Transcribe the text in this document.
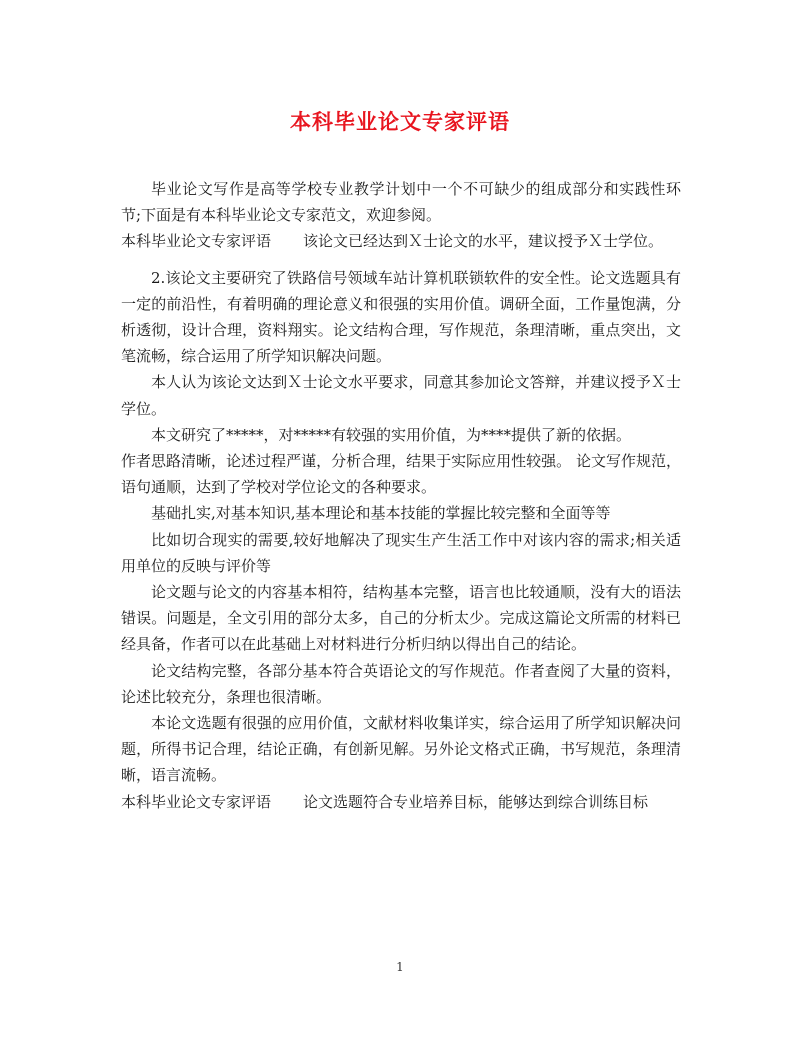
本科毕业论文专家评语

毕业论文写作是高等学校专业教学计划中一个不可缺少的组成部分和实践性环节;下面是有本科毕业论文专家范文，欢迎参阅。

本科毕业论文专家评语 该论文已经达到Ｘ士论文的水平，建议授予Ｘ士学位。

2.该论文主要研究了铁路信号领域车站计算机联锁软件的安全性。论文选题具有一定的前沿性，有着明确的理论意义和很强的实用价值。调研全面，工作量饱满，分析透彻，设计合理，资料翔实。论文结构合理，写作规范，条理清晰，重点突出，文笔流畅，综合运用了所学知识解决问题。

本人认为该论文达到Ｘ士论文水平要求，同意其参加论文答辩，并建议授予Ｘ士学位。

本文研究了*****，对*****有较强的实用价值，为****提供了新的依据。

作者思路清晰，论述过程严谨，分析合理，结果于实际应用性较强。 论文写作规范，语句通顺，达到了学校对学位论文的各种要求。

基础扎实,对基本知识,基本理论和基本技能的掌握比较完整和全面等等

比如切合现实的需要,较好地解决了现实生产生活工作中对该内容的需求;相关适用单位的反映与评价等

论文题与论文的内容基本相符，结构基本完整，语言也比较通顺，没有大的语法错误。问题是，全文引用的部分太多，自己的分析太少。完成这篇论文所需的材料已经具备，作者可以在此基础上对材料进行分析归纳以得出自己的结论。

论文结构完整，各部分基本符合英语论文的写作规范。作者查阅了大量的资料，论述比较充分，条理也很清晰。

本论文选题有很强的应用价值，文献材料收集详实，综合运用了所学知识解决问题，所得书记合理，结论正确，有创新见解。另外论文格式正确，书写规范，条理清晰，语言流畅。

本科毕业论文专家评语 论文选题符合专业培养目标，能够达到综合训练目标

1
